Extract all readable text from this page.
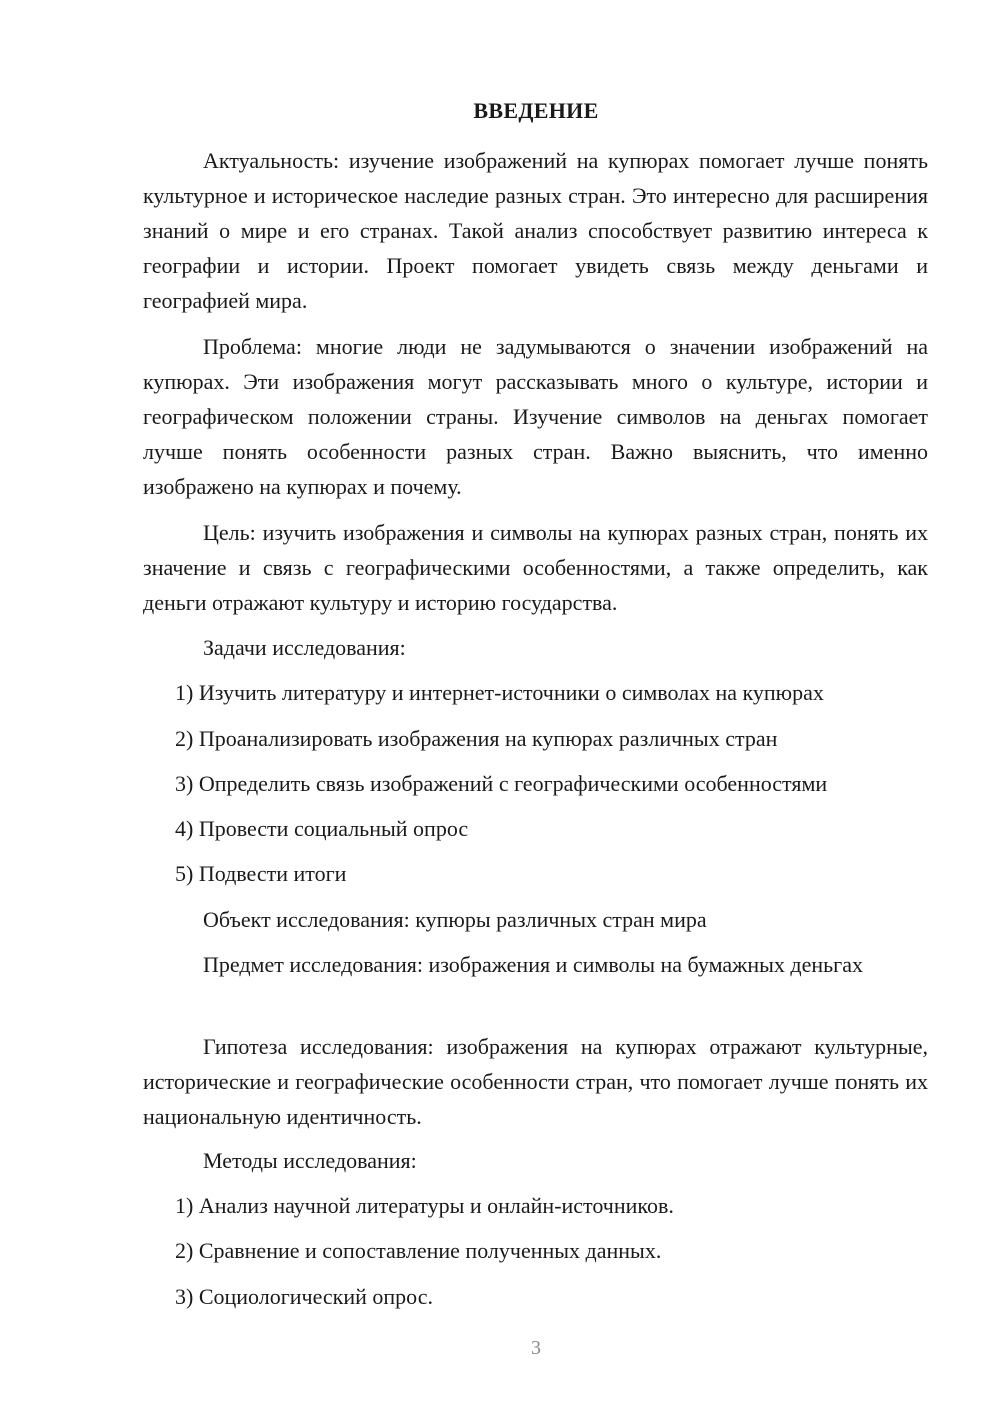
ВВЕДЕНИЕ

Актуальность: изучение изображений на купюрах помогает лучше понять культурное и историческое наследие разных стран. Это интересно для расширения знаний о мире и его странах. Такой анализ способствует развитию интереса к географии и истории. Проект помогает увидеть связь между деньгами и географией мира.

Проблема: многие люди не задумываются о значении изображений на купюрах. Эти изображения могут рассказывать много о культуре, истории и географическом положении страны. Изучение символов на деньгах помогает лучше понять особенности разных стран. Важно выяснить, что именно изображено на купюрах и почему.

Цель: изучить изображения и символы на купюрах разных стран, понять их значение и связь с географическими особенностями, а также определить, как деньги отражают культуру и историю государства.

Задачи исследования:
1) Изучить литературу и интернет-источники о символах на купюрах
2) Проанализировать изображения на купюрах различных стран
3) Определить связь изображений с географическими особенностями
4) Провести социальный опрос
5) Подвести итоги
Объект исследования: купюры различных стран мира

Предмет исследования: изображения и символы на бумажных деньгах

Гипотеза исследования: изображения на купюрах отражают культурные, исторические и географические особенности стран, что помогает лучше понять их национальную идентичность.

Методы исследования:
1) Анализ научной литературы и онлайн-источников.
2) Сравнение и сопоставление полученных данных.
3) Социологический опрос.
3
